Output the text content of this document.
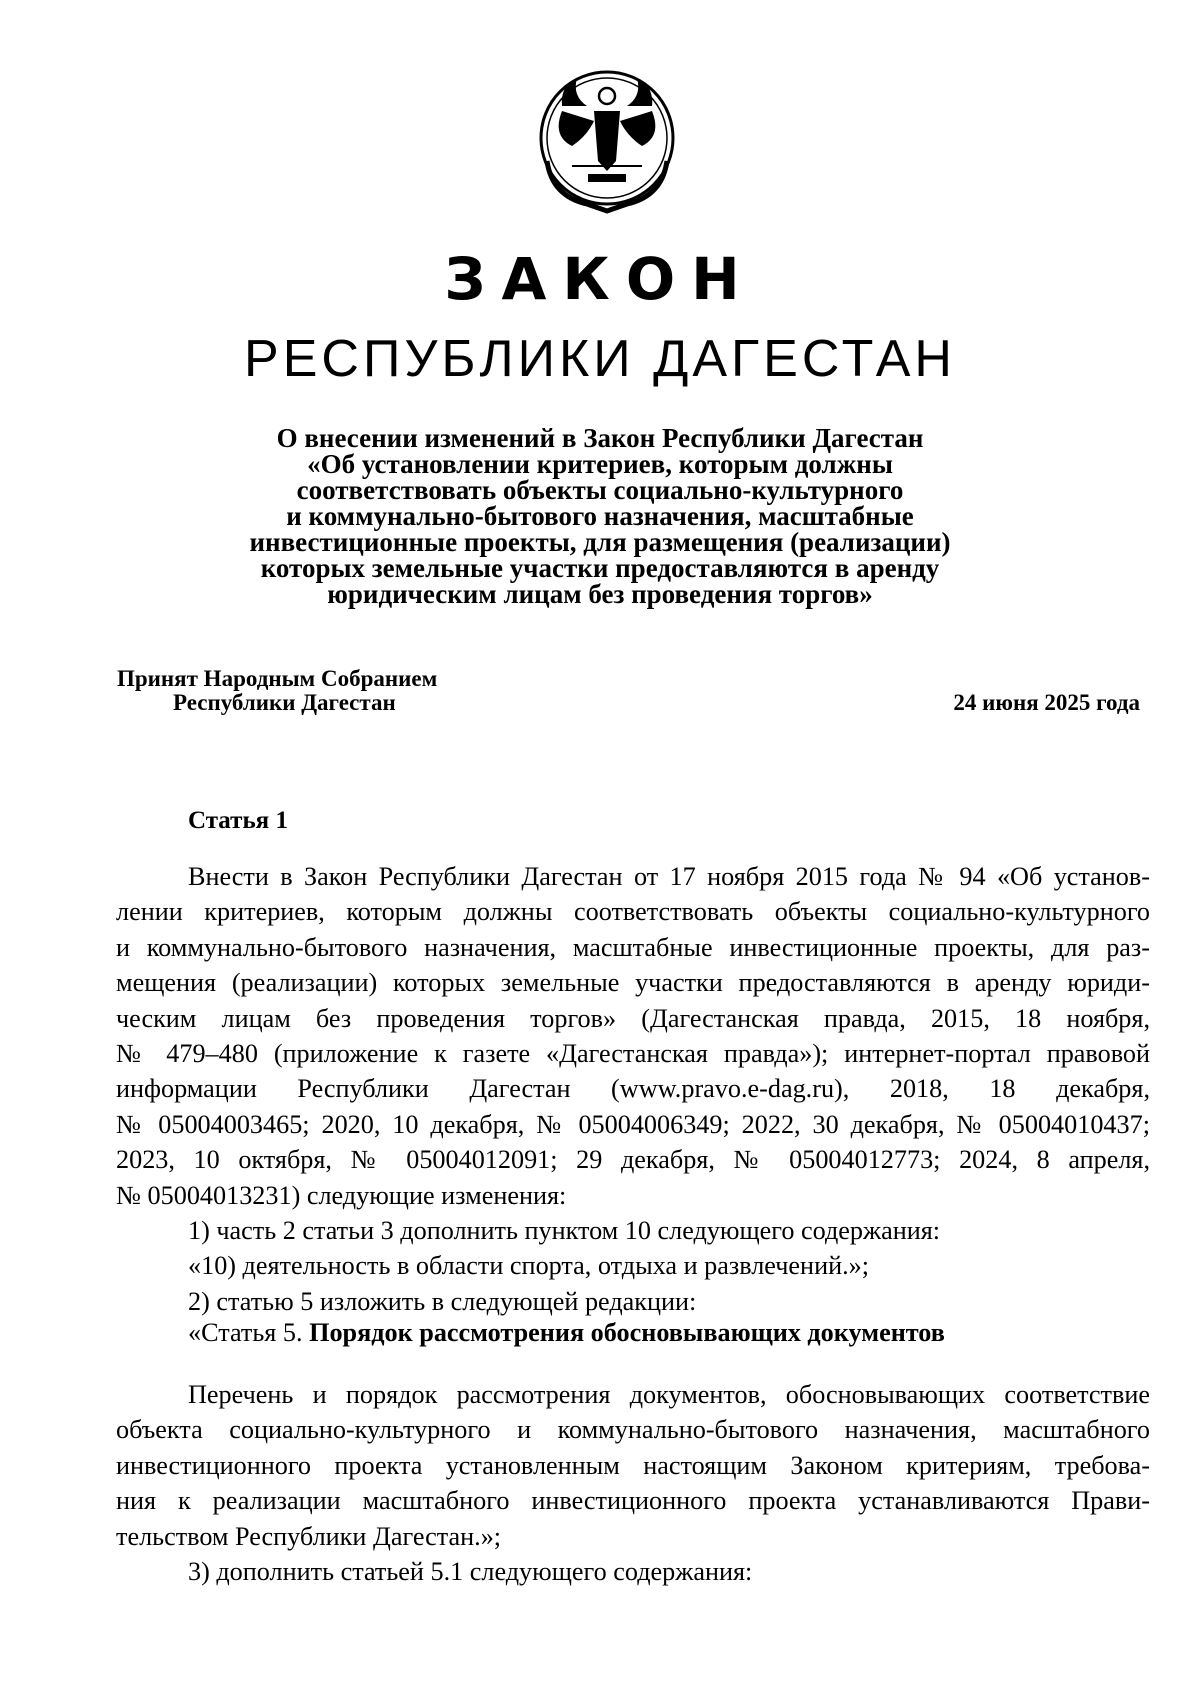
ЗАКОН
РЕСПУБЛИКИ ДАГЕСТАН
О внесении изменений в Закон Республики Дагестан
«Об установлении критериев, которым должны
соответствовать объекты социально-культурного
и коммунально-бытового назначения, масштабные
инвестиционные проекты, для размещения (реализации)
которых земельные участки предоставляются в аренду
юридическим лицам без проведения торгов»
Принят Народным Собранием
Республики Дагестан	24 июня 2025 года
Статья 1
Внести в Закон Республики Дагестан от 17 ноября 2015 года № 94 «Об установ-
лении критериев, которым должны соответствовать объекты социально-культурного
и коммунально-бытового назначения, масштабные инвестиционные проекты, для раз-
мещения (реализации) которых земельные участки предоставляются в аренду юриди-
ческим лицам без проведения торгов» (Дагестанская правда, 2015, 18 ноября,
№ 479–480 (приложение к газете «Дагестанская правда»); интернет-портал правовой
информации Республики Дагестан (www.pravo.e-dag.ru), 2018, 18 декабря,
№ 05004003465; 2020, 10 декабря, № 05004006349; 2022, 30 декабря, № 05004010437;
2023, 10 октября, № 05004012091; 29 декабря, № 05004012773; 2024, 8 апреля,
№ 05004013231) следующие изменения:
1) часть 2 статьи 3 дополнить пунктом 10 следующего содержания:
«10) деятельность в области спорта, отдыха и развлечений.»;
2) статью 5 изложить в следующей редакции:
«Статья 5. Порядок рассмотрения обосновывающих документов
Перечень и порядок рассмотрения документов, обосновывающих соответствие
объекта социально-культурного и коммунально-бытового назначения, масштабного
инвестиционного проекта установленным настоящим Законом критериям, требова-
ния к реализации масштабного инвестиционного проекта устанавливаются Прави-
тельством Республики Дагестан.»;
3) дополнить статьей 5.1 следующего содержания:
